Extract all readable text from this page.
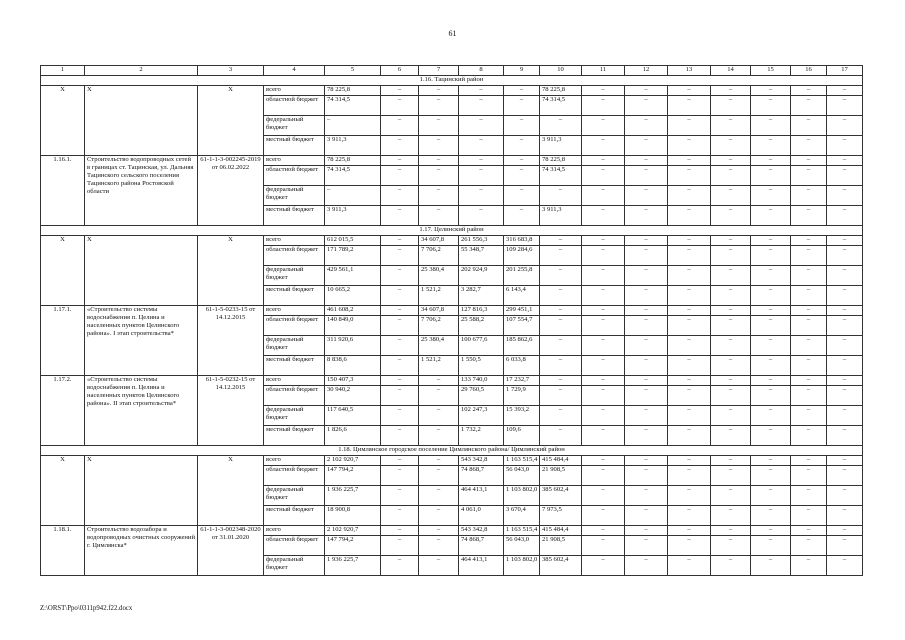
61
1	2	3	4	5	6	7	8	9	10	11	12	13	14	15	16	17
1.16. Тацинский район																
Х	Х	Х	всего	78 225,8	–	–	–	–	78 225,8	–	–	–	–	–	–	–
			областной бюджет	74 314,5	–	–	–	–	74 314,5	–	–	–	–	–	–	–
			федеральный бюджет	–	–	–	–	–	–	–	–	–	–	–	–	–
			местный бюджет	3 911,3	–	–	–	–	3 911,3	–	–	–	–	–	–	–
1.16.1.	Строительство водопроводных сетей в границах ст. Тацинская, ул. Дальняя Тацинского сельского поселения Тацинского района Ростовской области	61-1-1-3-002245-2019 от 06.02.2022	всего	78 225,8	–	–	–	–	78 225,8	–	–	–	–	–	–	–
			областной бюджет	74 314,5	–	–	–	–	74 314,5	–	–	–	–	–	–	–
			федеральный бюджет	–	–	–	–	–	–	–	–	–	–	–	–	–
			местный бюджет	3 911,3	–	–	–	–	3 911,3	–	–	–	–	–	–	–
1.17. Целинский район																
Х	Х	Х	всего	612 015,5	–	34 607,8	261 556,3	316 683,8	–	–	–	–	–	–	–	–
			областной бюджет	171 789,2	–	7 706,2	55 348,7	109 284,6	–	–	–	–	–	–	–	–
			федеральный бюджет	429 561,1	–	25 380,4	202 924,9	201 255,8	–	–	–	–	–	–	–	–
			местный бюджет	10 665,2	–	1 521,2	3 282,7	6 143,4	–	–	–	–	–	–	–	–
1.17.1.	«Строительство системы водоснабжения п. Целина и населенных пунктов Целинского района». I этап строительства*	61-1-5-0233-15 от 14.12.2015	всего	461 608,2	–	34 607,8	127 816,3	299 451,1	–	–	–	–	–	–	–	–
			областной бюджет	140 849,0	–	7 706,2	25 588,2	107 554,7	–	–	–	–	–	–	–	–
			федеральный бюджет	311 920,6	–	25 380,4	100 677,6	185 862,6	–	–	–	–	–	–	–	–
			местный бюджет	8 838,6	–	1 521,2	1 550,5	6 033,8	–	–	–	–	–	–	–	–
1.17.2.	«Строительство системы водоснабжения п. Целина и населенных пунктов Целинского района». II этап строительства*	61-1-5-0232-15 от 14.12.2015	всего	150 407,3	–	–	133 740,0	17 232,7	–	–	–	–	–	–	–	–
			областной бюджет	30 940,2	–	–	29 760,5	1 729,9	–	–	–	–	–	–	–	–
			федеральный бюджет	117 640,5	–	–	102 247,3	15 393,2	–	–	–	–	–	–	–	–
			местный бюджет	1 826,6	–	–	1 732,2	109,6	–	–	–	–	–	–	–	–
1.18. Цимлянское городское поселение Цимлянского района/ Цимлянский район																
Х	Х	Х	всего	2 102 920,7	–	–	543 342,8	1 163 515,4	415 484,4	–	–	–	–	–	–	–
			областной бюджет	147 794,2	–	–	74 868,7	56 043,0	21 908,5	–	–	–	–	–	–	–
			федеральный бюджет	1 936 225,7	–	–	464 413,1	1 103 802,0	385 602,4	–	–	–	–	–	–	–
			местный бюджет	18 900,8	–	–	4 061,0	3 670,4	7 973,5	–	–	–	–	–	–	–
1.18.1.	Строительство водозабора и водопроводных очистных сооружений г. Цимлянска*	61-1-1-3-002348-2020 от 31.01.2020	всего	2 102 920,7	–	–	543 342,8	1 163 515,4	415 484,4	–	–	–	–	–	–	–
			областной бюджет	147 794,2	–	–	74 868,7	56 043,0	21 908,5	–	–	–	–	–	–	–
			федеральный бюджет	1 936 225,7	–	–	464 413,1	1 103 802,0	385 602,4	–	–	–	–	–	–	–
Z:\ORST\Ppo\0311p942.f22.docx
